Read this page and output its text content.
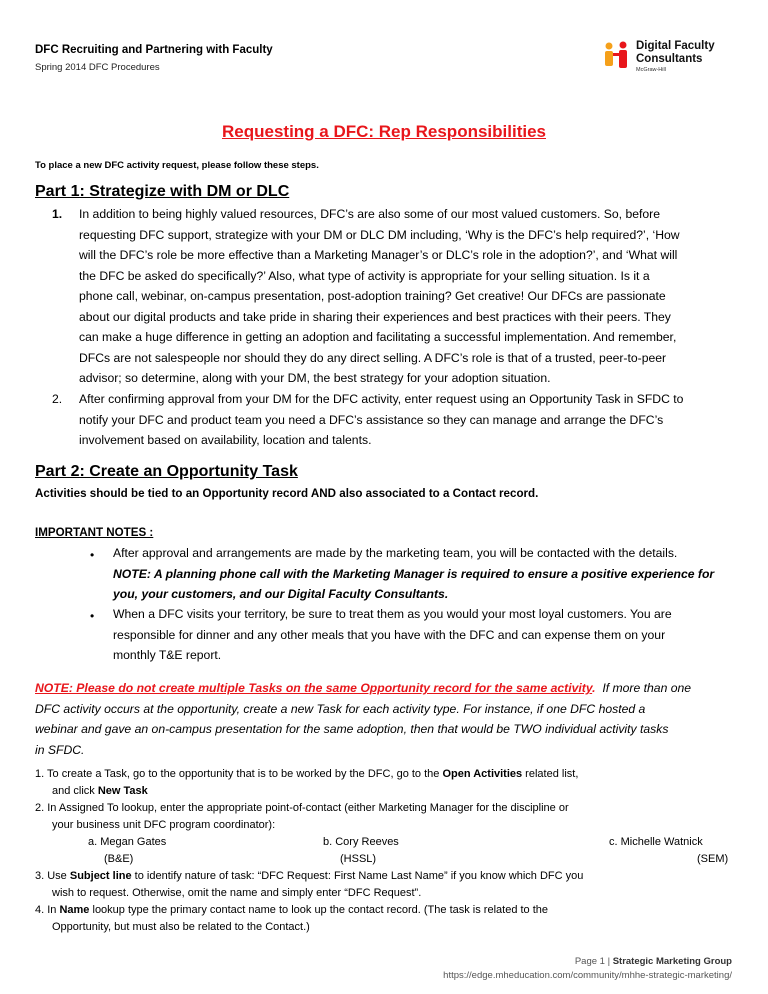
DFC Recruiting and Partnering with Faculty
Spring 2014 DFC Procedures
Digital Faculty
Consultants
McGraw-Hill
Requesting a DFC: Rep Responsibilities
To place a new DFC activity request, please follow these steps.
Part 1: Strategize with DM or DLC
1. In addition to being highly valued resources, DFC’s are also some of our most valued customers. So, before
requesting DFC support, strategize with your DM or DLC DM including, ‘Why is the DFC’s help required?’, ‘How
will the DFC’s role be more effective than a Marketing Manager’s or DLC’s role in the adoption?’, and ‘What will
the DFC be asked do specifically?’ Also, what type of activity is appropriate for your selling situation. Is it a
phone call, webinar, on-campus presentation, post-adoption training? Get creative! Our DFCs are passionate
about our digital products and take pride in sharing their experiences and best practices with their peers. They
can make a huge difference in getting an adoption and facilitating a successful implementation. And remember,
DFCs are not salespeople nor should they do any direct selling. A DFC’s role is that of a trusted, peer-to-peer
advisor; so determine, along with your DM, the best strategy for your adoption situation.
2. After confirming approval from your DM for the DFC activity, enter request using an Opportunity Task in SFDC to
notify your DFC and product team you need a DFC’s assistance so they can manage and arrange the DFC’s
involvement based on availability, location and talents.
Part 2: Create an Opportunity Task
Activities should be tied to an Opportunity record AND also associated to a Contact record.
IMPORTANT NOTES :
• After approval and arrangements are made by the marketing team, you will be contacted with the details.
NOTE: A planning phone call with the Marketing Manager is required to ensure a positive experience for
you, your customers, and our Digital Faculty Consultants.
• When a DFC visits your territory, be sure to treat them as you would your most loyal customers. You are
responsible for dinner and any other meals that you have with the DFC and can expense them on your
monthly T&E report.
NOTE: Please do not create multiple Tasks on the same Opportunity record for the same activity. If more than one
DFC activity occurs at the opportunity, create a new Task for each activity type. For instance, if one DFC hosted a
webinar and gave an on-campus presentation for the same adoption, then that would be TWO individual activity tasks
in SFDC.
1. To create a Task, go to the opportunity that is to be worked by the DFC, go to the Open Activities related list,
and click New Task
2. In Assigned To lookup, enter the appropriate point-of-contact (either Marketing Manager for the discipline or
your business unit DFC program coordinator):
a. Megan Gates
(B&E)
b. Cory Reeves
(HSSL)
c. Michelle Watnick
(SEM)
3. Use Subject line to identify nature of task: “DFC Request: First Name Last Name” if you know which DFC you
wish to request. Otherwise, omit the name and simply enter “DFC Request”.
4. In Name lookup type the primary contact name to look up the contact record. (The task is related to the
Opportunity, but must also be related to the Contact.)
Page 1 | Strategic Marketing Group
https://edge.mheducation.com/community/mhhe-strategic-marketing/
